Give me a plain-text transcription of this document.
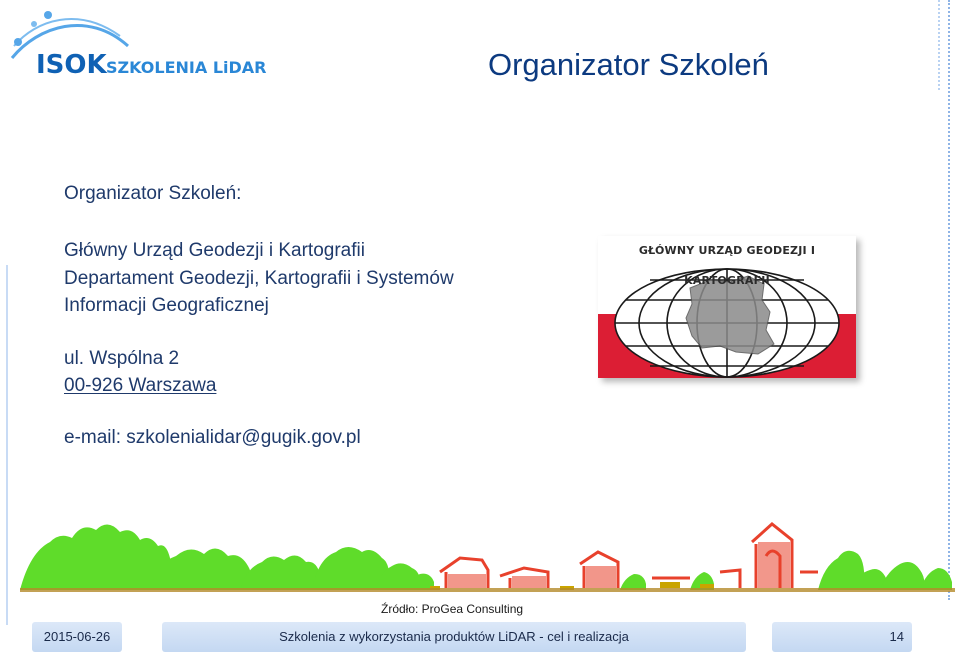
ISOK SZKOLENIA LiDAR	Organizator Szkoleń
Organizator Szkoleń:
Główny Urząd Geodezji i Kartografii
Departament Geodezji, Kartografii i Systemów
Informacji Geograficznej
ul. Wspólna 2
00-926 Warszawa
e-mail: szkolenialidar@gugik.gov.pl
GŁÓWNY URZĄD GEODEZJI I KARTOGRAFII
Źródło: ProGea Consulting
2015-06-26	Szkolenia z wykorzystania produktów LiDAR - cel i realizacja	14
